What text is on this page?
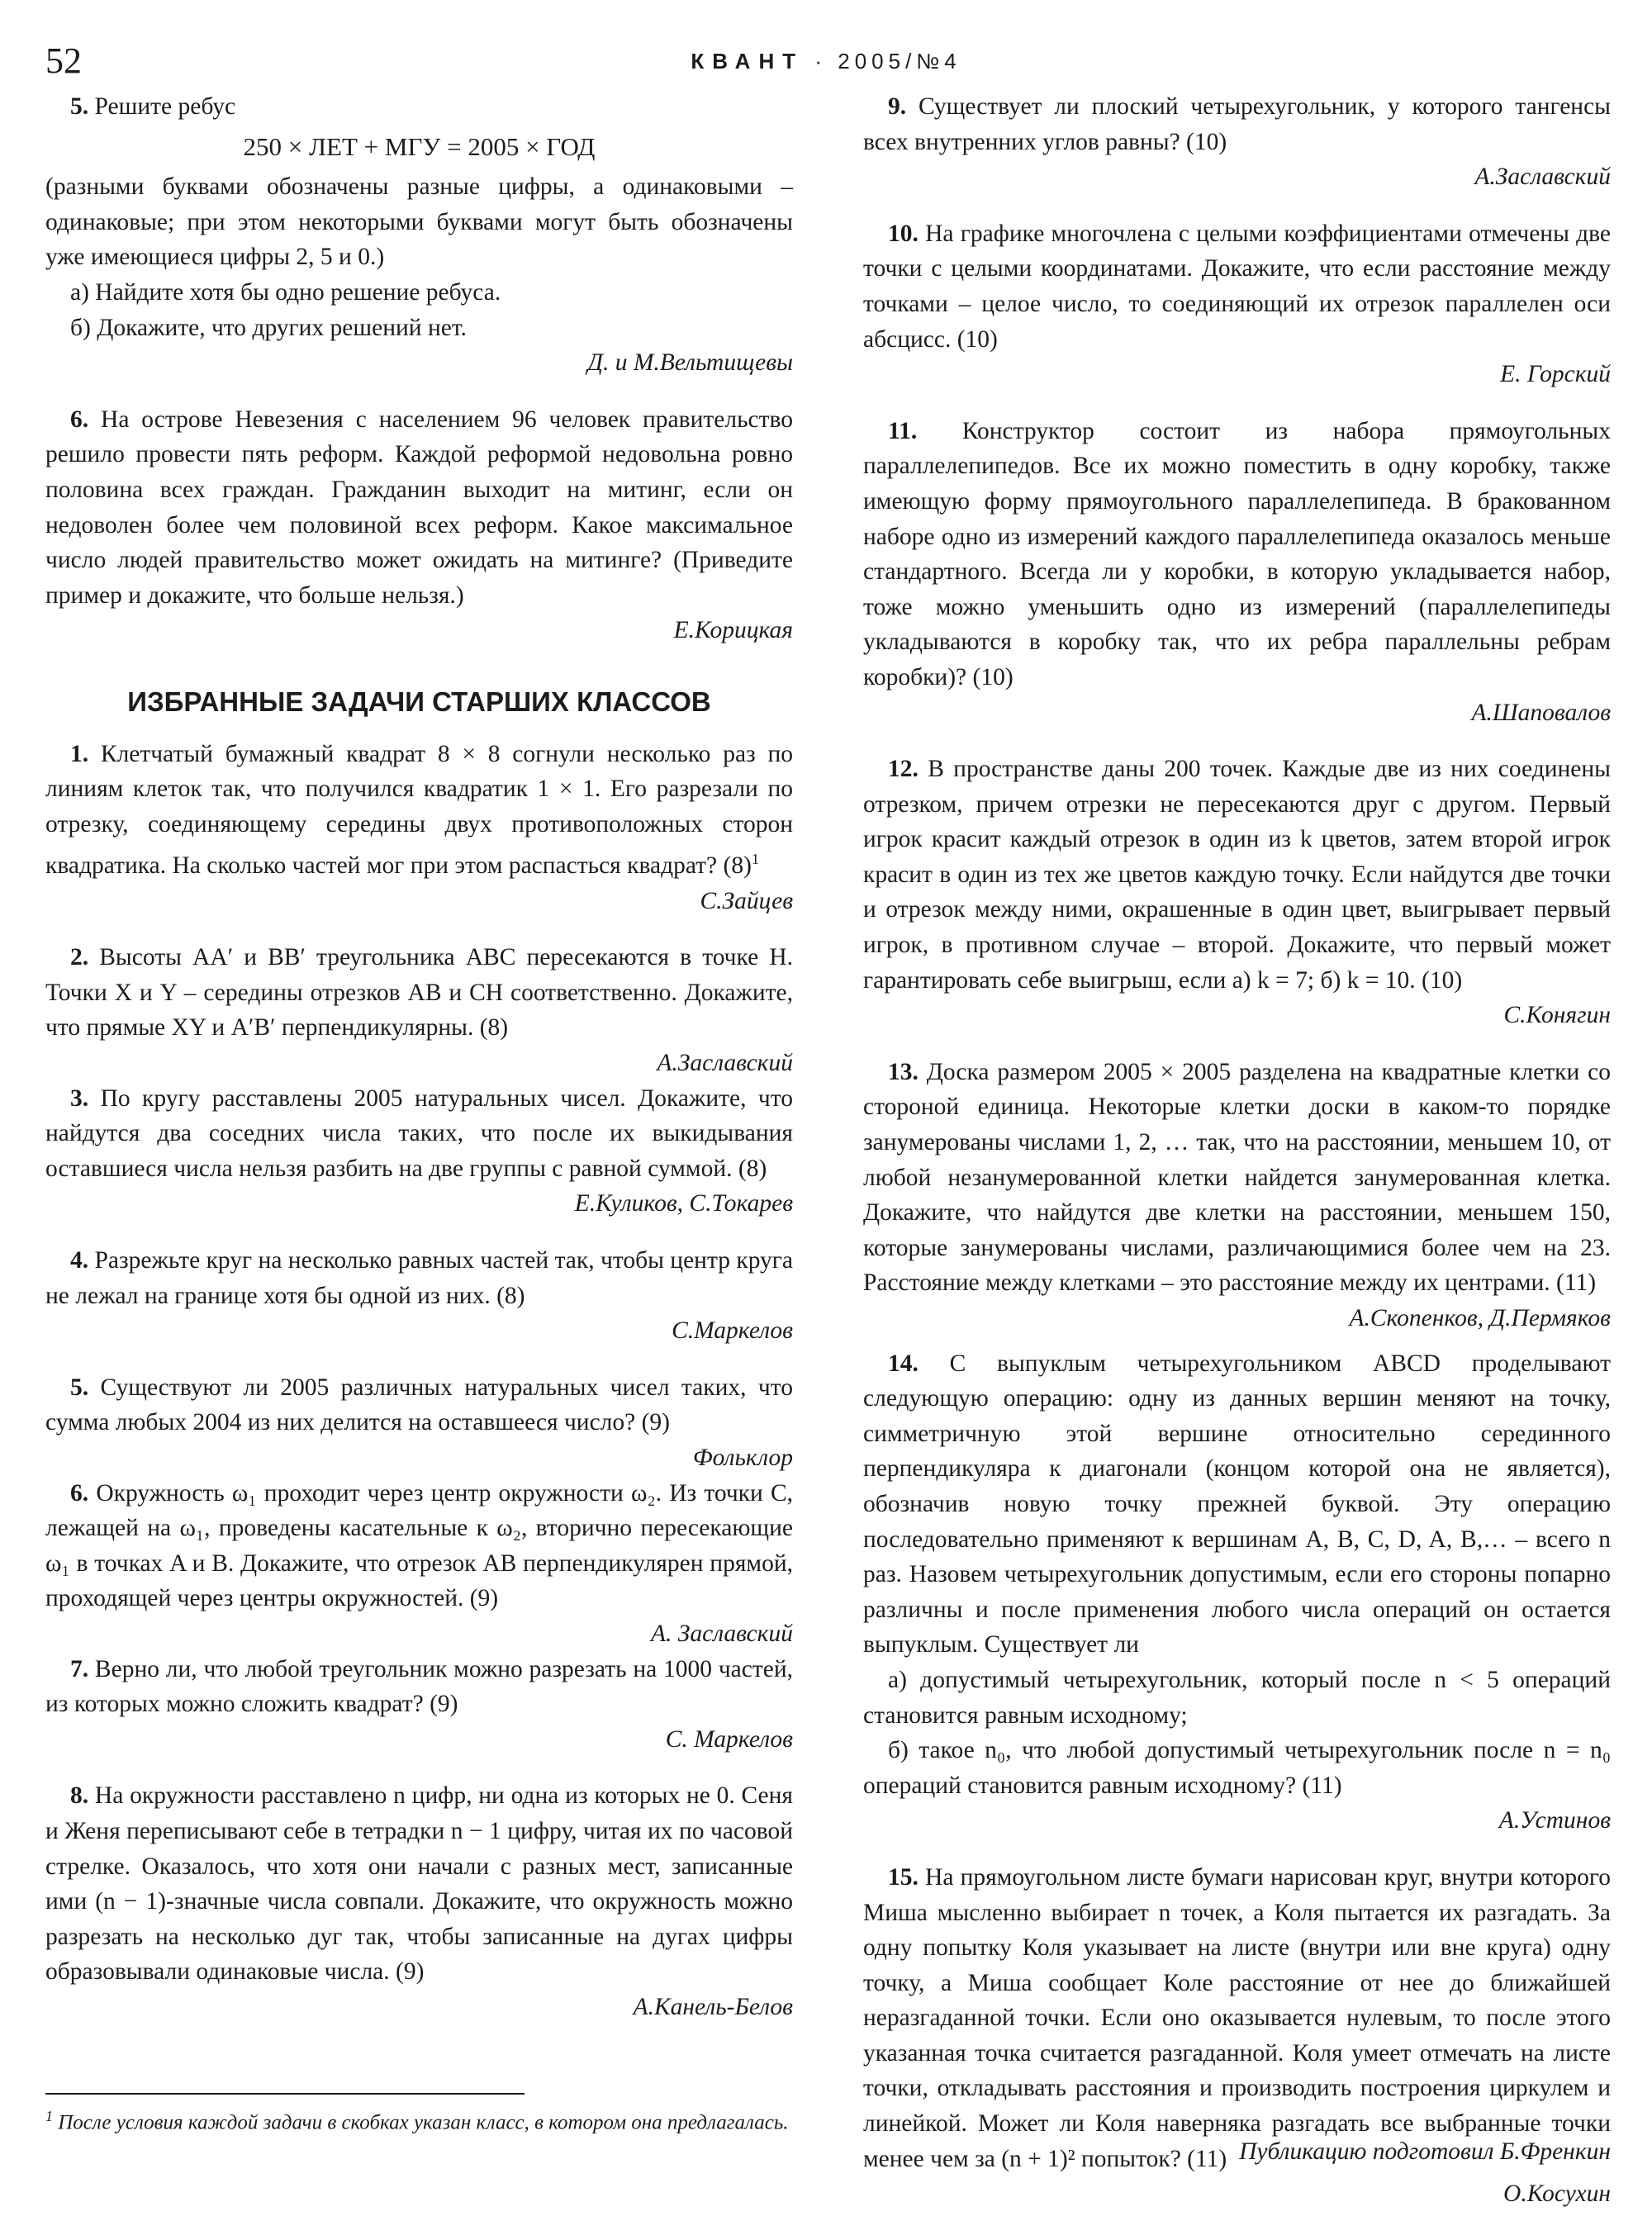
52	КВАНТ · 2005/№4

5. Решите ребус

250 × ЛЕТ + МГУ = 2005 × ГОД

(разными буквами обозначены разные цифры, а одинаковыми – одинаковые; при этом некоторыми буквами могут быть обозначены уже имеющиеся цифры 2, 5 и 0.)

а) Найдите хотя бы одно решение ребуса.

б) Докажите, что других решений нет.

Д. и М.Вельтищевы

6. На острове Невезения с населением 96 человек правительство решило провести пять реформ. Каждой реформой недовольна ровно половина всех граждан. Гражданин выходит на митинг, если он недоволен более чем половиной всех реформ. Какое максимальное число людей правительство может ожидать на митинге? (Приведите пример и докажите, что больше нельзя.)

Е.Корицкая

ИЗБРАННЫЕ ЗАДАЧИ СТАРШИХ КЛАССОВ

1. Клетчатый бумажный квадрат 8 × 8 согнули несколько раз по линиям клеток так, что получился квадратик 1 × 1. Его разрезали по отрезку, соединяющему середины двух противоположных сторон квадратика. На сколько частей мог при этом распасться квадрат? $(8)^1$

С.Зайцев

2. Высоты AA′ и BB′ треугольника ABC пересекаются в точке H. Точки X и Y – середины отрезков AB и CH соответственно. Докажите, что прямые XY и A′B′ перпендикулярны. (8)

А.Заславский

3. По кругу расставлены 2005 натуральных чисел. Докажите, что найдутся два соседних числа таких, что после их выкидывания оставшиеся числа нельзя разбить на две группы с равной суммой. (8)

Е.Куликов, С.Токарев

4. Разрежьте круг на несколько равных частей так, чтобы центр круга не лежал на границе хотя бы одной из них. (8)

С.Маркелов

5. Существуют ли 2005 различных натуральных чисел таких, что сумма любых 2004 из них делится на оставшееся число? (9)

Фольклор

6. Окружность ω₁ проходит через центр окружности ω₂. Из точки C, лежащей на ω₁, проведены касательные к ω₂, вторично пересекающие ω₁ в точках A и B. Докажите, что отрезок AB перпендикулярен прямой, проходящей через центры окружностей. (9)

А. Заславский

7. Верно ли, что любой треугольник можно разрезать на 1000 частей, из которых можно сложить квадрат? (9)

С. Маркелов

8. На окружности расставлено n цифр, ни одна из которых не 0. Сеня и Женя переписывают себе в тетрадки n − 1 цифру, читая их по часовой стрелке. Оказалось, что хотя они начали с разных мест, записанные ими (n − 1)-значные числа совпали. Докажите, что окружность можно разрезать на несколько дуг так, чтобы записанные на дугах цифры образовывали одинаковые числа. (9)

А.Канель-Белов

$^1$ После условия каждой задачи в скобках указан класс, в котором она предлагалась.

9. Существует ли плоский четырехугольник, у которого тангенсы всех внутренних углов равны? (10)

А.Заславский

10. На графике многочлена с целыми коэффициентами отмечены две точки с целыми координатами. Докажите, что если расстояние между точками – целое число, то соединяющий их отрезок параллелен оси абсцисс. (10)

Е. Горский

11. Конструктор состоит из набора прямоугольных параллелепипедов. Все их можно поместить в одну коробку, также имеющую форму прямоугольного параллелепипеда. В бракованном наборе одно из измерений каждого параллелепипеда оказалось меньше стандартного. Всегда ли у коробки, в которую укладывается набор, тоже можно уменьшить одно из измерений (параллелепипеды укладываются в коробку так, что их ребра параллельны ребрам коробки)? (10)

А.Шаповалов

12. В пространстве даны 200 точек. Каждые две из них соединены отрезком, причем отрезки не пересекаются друг с другом. Первый игрок красит каждый отрезок в один из k цветов, затем второй игрок красит в один из тех же цветов каждую точку. Если найдутся две точки и отрезок между ними, окрашенные в один цвет, выигрывает первый игрок, в противном случае – второй. Докажите, что первый может гарантировать себе выигрыш, если а) k = 7; б) k = 10. (10)

С.Конягин

13. Доска размером 2005 × 2005 разделена на квадратные клетки со стороной единица. Некоторые клетки доски в каком-то порядке занумерованы числами 1, 2, … так, что на расстоянии, меньшем 10, от любой незанумерованной клетки найдется занумерованная клетка. Докажите, что найдутся две клетки на расстоянии, меньшем 150, которые занумерованы числами, различающимися более чем на 23. Расстояние между клетками – это расстояние между их центрами. (11)

А.Скопенков, Д.Пермяков

14. С выпуклым четырехугольником ABCD проделывают следующую операцию: одну из данных вершин меняют на точку, симметричную этой вершине относительно серединного перпендикуляра к диагонали (концом которой она не является), обозначив новую точку прежней буквой. Эту операцию последовательно применяют к вершинам A, B, C, D, A, B,… – всего n раз. Назовем четырехугольник допустимым, если его стороны попарно различны и после применения любого числа операций он остается выпуклым. Существует ли

а) допустимый четырехугольник, который после n < 5 операций становится равным исходному;

б) такое n₀, что любой допустимый четырехугольник после n = n₀ операций становится равным исходному? (11)

А.Устинов

15. На прямоугольном листе бумаги нарисован круг, внутри которого Миша мысленно выбирает n точек, а Коля пытается их разгадать. За одну попытку Коля указывает на листе (внутри или вне круга) одну точку, а Миша сообщает Коле расстояние от нее до ближайшей неразгаданной точки. Если оно оказывается нулевым, то после этого указанная точка считается разгаданной. Коля умеет отмечать на листе точки, откладывать расстояния и производить построения циркулем и линейкой. Может ли Коля наверняка разгадать все выбранные точки менее чем за (n + 1)² попыток? (11)

О.Косухин

Публикацию подготовил Б.Френкин
